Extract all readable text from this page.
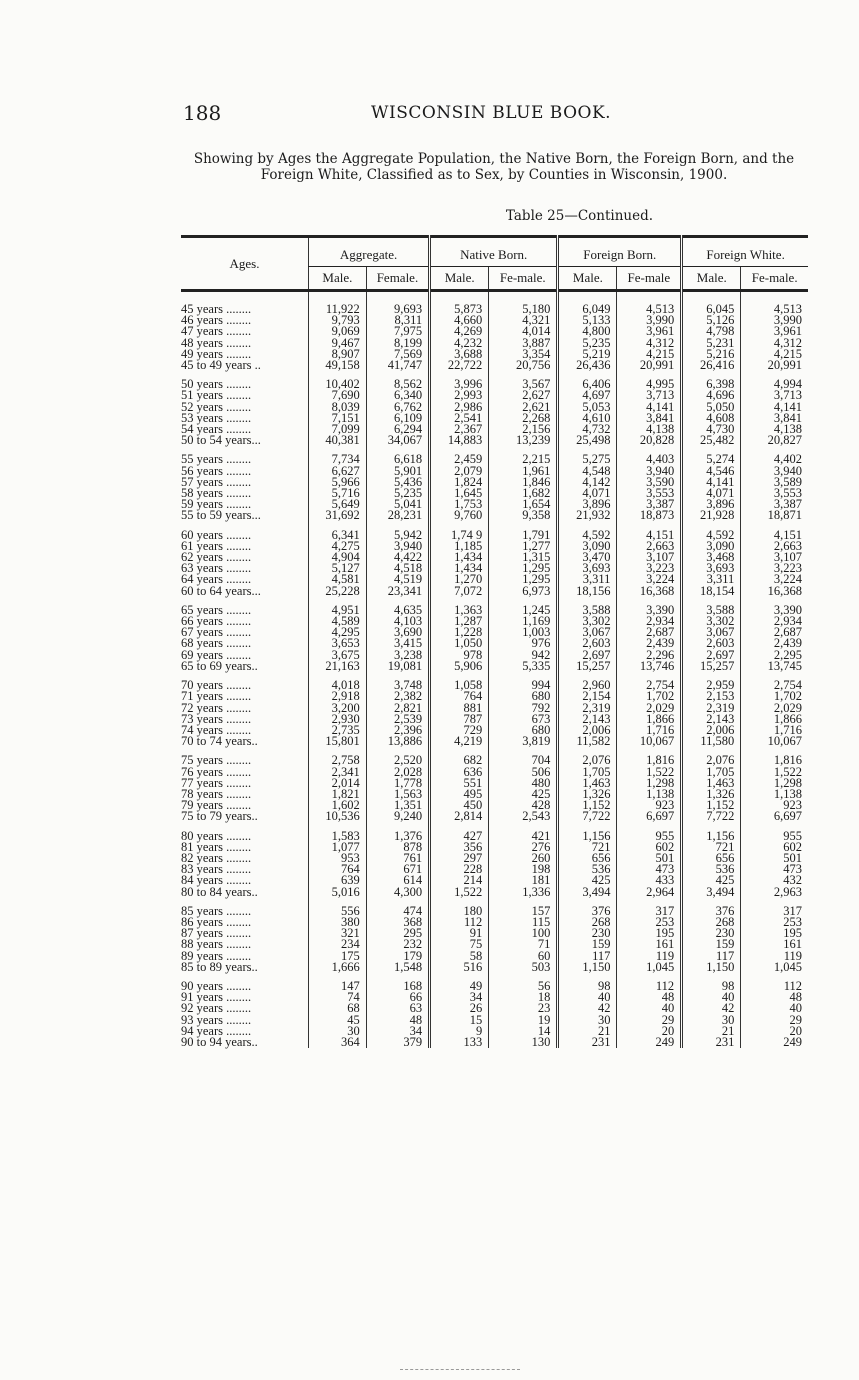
188	WISCONSIN BLUE BOOK.
Showing by Ages the Aggregate Population, the Native Born, the Foreign Born, and the Foreign White, Classified as to Sex, by Counties in Wisconsin, 1900.
Table 25—Continued.
Ages.	Aggregate.		Native Born.		Foreign Born.		Foreign White.	
	Male.	Female.	Male.	Fe-male.	Male.	Fe-male	Male.	Fe-male.
45 years ........	11,922	9,693	5,873	5,180	6,049	4,513	6,045	4,513
46 years ........	9,793	8,311	4,660	4,321	5,133	3,990	5,126	3,990
47 years ........	9,069	7,975	4,269	4,014	4,800	3,961	4,798	3,961
48 years ........	9,467	8,199	4,232	3,887	5,235	4,312	5,231	4,312
49 years ........	8,907	7,569	3,688	3,354	5,219	4,215	5,216	4,215
45 to 49 years ..	49,158	41,747	22,722	20,756	26,436	20,991	26,416	20,991

50 years ........	10,402	8,562	3,996	3,567	6,406	4,995	6,398	4,994
51 years ........	7,690	6,340	2,993	2,627	4,697	3,713	4,696	3,713
52 years ........	8,039	6,762	2,986	2,621	5,053	4,141	5,050	4,141
53 years ........	7,151	6,109	2,541	2,268	4,610	3,841	4,608	3,841
54 years ........	7,099	6,294	2,367	2,156	4,732	4,138	4,730	4,138
50 to 54 years...	40,381	34,067	14,883	13,239	25,498	20,828	25,482	20,827

55 years ........	7,734	6,618	2,459	2,215	5,275	4,403	5,274	4,402
56 years ........	6,627	5,901	2,079	1,961	4,548	3,940	4,546	3,940
57 years ........	5,966	5,436	1,824	1,846	4,142	3,590	4,141	3,589
58 years ........	5,716	5,235	1,645	1,682	4,071	3,553	4,071	3,553
59 years ........	5,649	5,041	1,753	1,654	3,896	3,387	3,896	3,387
55 to 59 years...	31,692	28,231	9,760	9,358	21,932	18,873	21,928	18,871

60 years ........	6,341	5,942	1,74 9	1,791	4,592	4,151	4,592	4,151
61 years ........	4,275	3,940	1,185	1,277	3,090	2,663	3,090	2,663
62 years ........	4,904	4,422	1,434	1,315	3,470	3,107	3,468	3,107
63 years ........	5,127	4,518	1,434	1,295	3,693	3,223	3,693	3,223
64 years ........	4,581	4,519	1,270	1,295	3,311	3,224	3,311	3,224
60 to 64 years...	25,228	23,341	7,072	6,973	18,156	16,368	18,154	16,368

65 years ........	4,951	4,635	1,363	1,245	3,588	3,390	3,588	3,390
66 years ........	4,589	4,103	1,287	1,169	3,302	2,934	3,302	2,934
67 years ........	4,295	3,690	1,228	1,003	3,067	2,687	3,067	2,687
68 years ........	3,653	3,415	1,050	976	2,603	2,439	2,603	2,439
69 years ........	3,675	3,238	978	942	2,697	2,296	2,697	2,295
65 to 69 years..	21,163	19,081	5,906	5,335	15,257	13,746	15,257	13,745

70 years ........	4,018	3,748	1,058	994	2,960	2,754	2,959	2,754
71 years ........	2,918	2,382	764	680	2,154	1,702	2,153	1,702
72 years ........	3,200	2,821	881	792	2,319	2,029	2,319	2,029
73 years ........	2,930	2,539	787	673	2,143	1,866	2,143	1,866
74 years ........	2,735	2,396	729	680	2,006	1,716	2,006	1,716
70 to 74 years..	15,801	13,886	4,219	3,819	11,582	10,067	11,580	10,067

75 years ........	2,758	2,520	682	704	2,076	1,816	2,076	1,816
76 years ........	2,341	2,028	636	506	1,705	1,522	1,705	1,522
77 years ........	2,014	1,778	551	480	1,463	1,298	1,463	1,298
78 years ........	1,821	1,563	495	425	1,326	1,138	1,326	1,138
79 years ........	1,602	1,351	450	428	1,152	923	1,152	923
75 to 79 years..	10,536	9,240	2,814	2,543	7,722	6,697	7,722	6,697

80 years ........	1,583	1,376	427	421	1,156	955	1,156	955
81 years ........	1,077	878	356	276	721	602	721	602
82 years ........	953	761	297	260	656	501	656	501
83 years ........	764	671	228	198	536	473	536	473
84 years ........	639	614	214	181	425	433	425	432
80 to 84 years..	5,016	4,300	1,522	1,336	3,494	2,964	3,494	2,963

85 years ........	556	474	180	157	376	317	376	317
86 years ........	380	368	112	115	268	253	268	253
87 years ........	321	295	91	100	230	195	230	195
88 years ........	234	232	75	71	159	161	159	161
89 years ........	175	179	58	60	117	119	117	119
85 to 89 years..	1,666	1,548	516	503	1,150	1,045	1,150	1,045

90 years ........	147	168	49	56	98	112	98	112
91 years ........	74	66	34	18	40	48	40	48
92 years ........	68	63	26	23	42	40	42	40
93 years ........	45	48	15	19	30	29	30	29
94 years ........	30	34	9	14	21	20	21	20
90 to 94 years..	364	379	133	130	231	249	231	249
